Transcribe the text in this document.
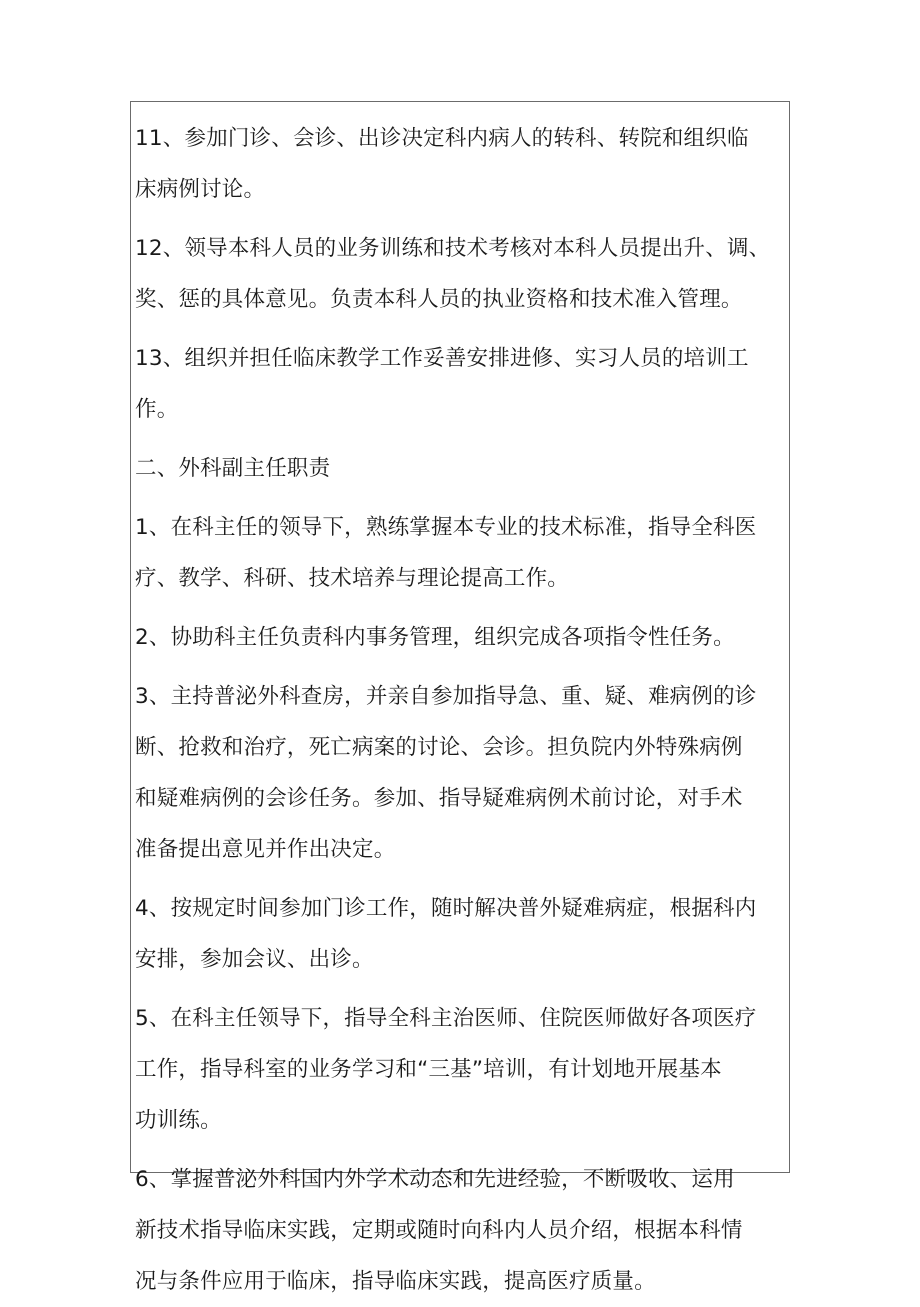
11、参加门诊、会诊、出诊决定科内病人的转科、转院和组织临
床病例讨论。
12、领导本科人员的业务训练和技术考核对本科人员提出升、调、
奖、惩的具体意见。负责本科人员的执业资格和技术准入管理。
13、组织并担任临床教学工作妥善安排进修、实习人员的培训工
作。
二、外科副主任职责
1、在科主任的领导下，熟练掌握本专业的技术标准，指导全科医
疗、教学、科研、技术培养与理论提高工作。
2、协助科主任负责科内事务管理，组织完成各项指令性任务。
3、主持普泌外科查房，并亲自参加指导急、重、疑、难病例的诊
断、抢救和治疗，死亡病案的讨论、会诊。担负院内外特殊病例
和疑难病例的会诊任务。参加、指导疑难病例术前讨论，对手术
准备提出意见并作出决定。
4、按规定时间参加门诊工作，随时解决普外疑难病症，根据科内
安排，参加会议、出诊。
5、在科主任领导下，指导全科主治医师、住院医师做好各项医疗
工作，指导科室的业务学习和“三基”培训，有计划地开展基本
功训练。
6、掌握普泌外科国内外学术动态和先进经验，不断吸收、运用
新技术指导临床实践，定期或随时向科内人员介绍，根据本科情
况与条件应用于临床，指导临床实践，提高医疗质量。
